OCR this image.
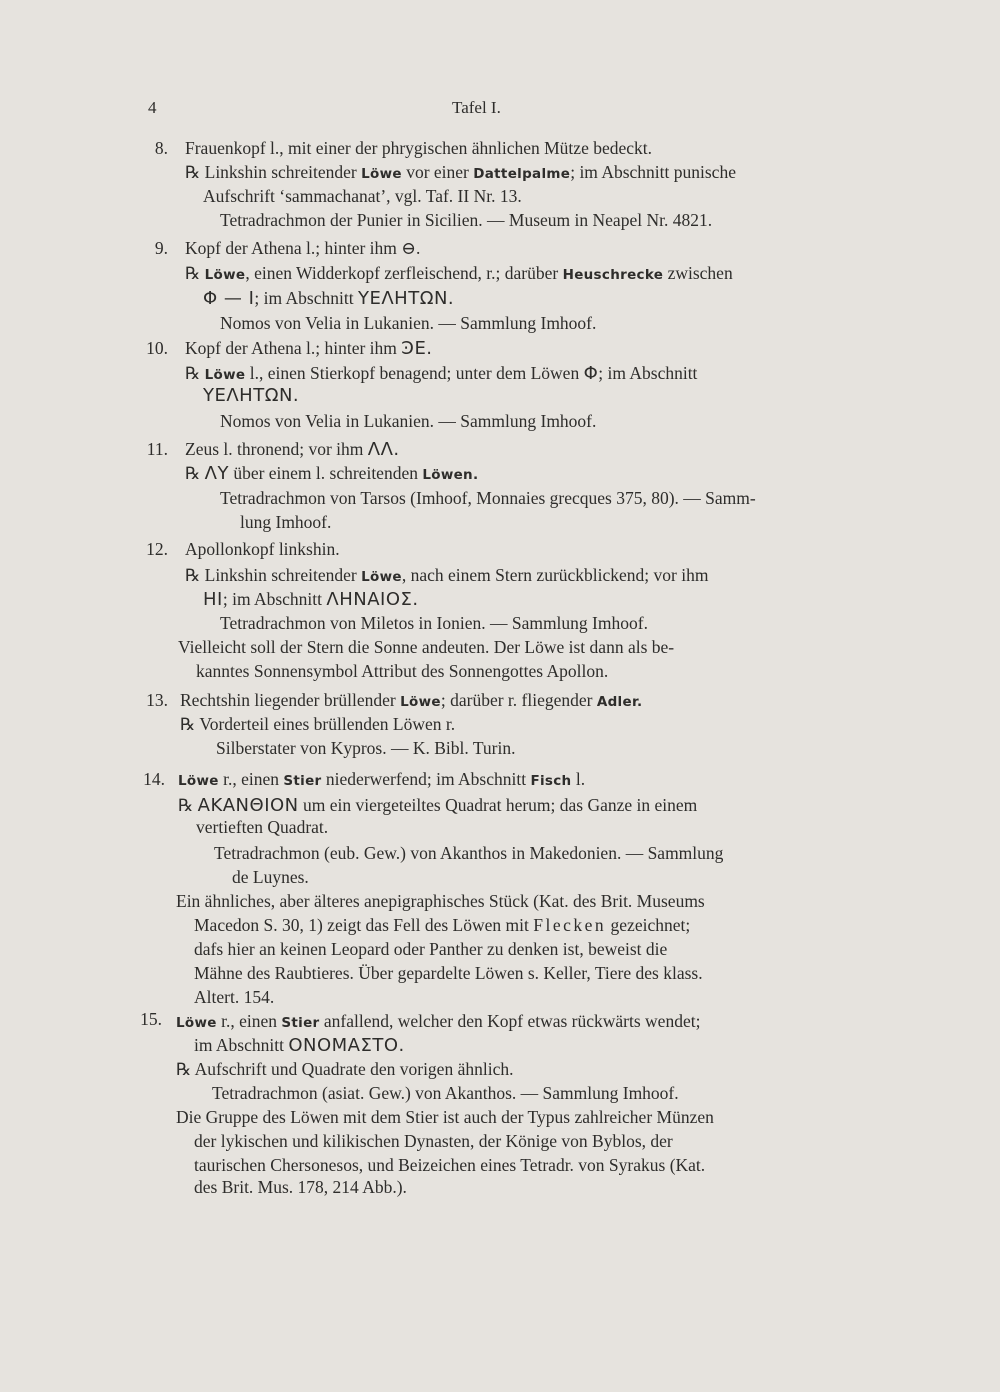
4	Tafel I.
8. Frauenkopf l., mit einer der phrygischen ähnlichen Mütze bedeckt.
℞ Linkshin schreitender Löwe vor einer Dattelpalme; im Abschnitt punische
Aufschrift ‘sammachanat’, vgl. Taf. II Nr. 13.
Tetradrachmon der Punier in Sicilien. — Museum in Neapel Nr. 4821.
9. Kopf der Athena l.; hinter ihm ⊖.
℞ Löwe, einen Widderkopf zerfleischend, r.; darüber Heuschrecke zwischen
Φ — I; im Abschnitt ΥΕΛΗΤΩΝ.
Nomos von Velia in Lukanien. — Sammlung Imhoof.
10. Kopf der Athena l.; hinter ihm ϿΕ.
℞ Löwe l., einen Stierkopf benagend; unter dem Löwen Φ; im Abschnitt
ΥΕΛΗΤΩΝ.
Nomos von Velia in Lukanien. — Sammlung Imhoof.
11. Zeus l. thronend; vor ihm ΛΛ.
℞ ΛΥ über einem l. schreitenden Löwen.
Tetradrachmon von Tarsos (Imhoof, Monnaies grecques 375, 80). — Samm-
lung Imhoof.
12. Apollonkopf linkshin.
℞ Linkshin schreitender Löwe, nach einem Stern zurückblickend; vor ihm
ΗΙ; im Abschnitt ΛΗΝΑΙΟΣ.
Tetradrachmon von Miletos in Ionien. — Sammlung Imhoof.
Vielleicht soll der Stern die Sonne andeuten. Der Löwe ist dann als be-
kanntes Sonnensymbol Attribut des Sonnengottes Apollon.
13. Rechtshin liegender brüllender Löwe; darüber r. fliegender Adler.
℞ Vorderteil eines brüllenden Löwen r.
Silberstater von Kypros. — K. Bibl. Turin.
14. Löwe r., einen Stier niederwerfend; im Abschnitt Fisch l.
℞ ΑΚΑΝΘΙΟΝ um ein viergeteiltes Quadrat herum; das Ganze in einem
vertieften Quadrat.
Tetradrachmon (eub. Gew.) von Akanthos in Makedonien. — Sammlung
de Luynes.
Ein ähnliches, aber älteres anepigraphisches Stück (Kat. des Brit. Museums
Macedon S. 30, 1) zeigt das Fell des Löwen mit Flecken gezeichnet;
dafs hier an keinen Leopard oder Panther zu denken ist, beweist die
Mähne des Raubtieres. Über gepardelte Löwen s. Keller, Tiere des klass.
Altert. 154.
15. Löwe r., einen Stier anfallend, welcher den Kopf etwas rückwärts wendet;
im Abschnitt ΟΝΟΜΑΣΤΟ.
℞ Aufschrift und Quadrate den vorigen ähnlich.
Tetradrachmon (asiat. Gew.) von Akanthos. — Sammlung Imhoof.
Die Gruppe des Löwen mit dem Stier ist auch der Typus zahlreicher Münzen
der lykischen und kilikischen Dynasten, der Könige von Byblos, der
taurischen Chersonesos, und Beizeichen eines Tetradr. von Syrakus (Kat.
des Brit. Mus. 178, 214 Abb.).
